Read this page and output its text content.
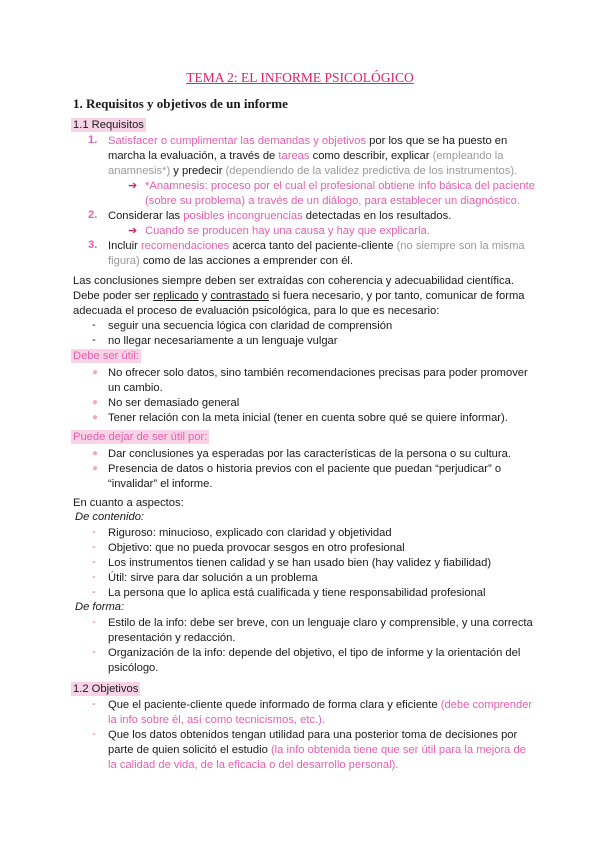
TEMA 2: EL INFORME PSICOLÓGICO
1. Requisitos y objetivos de un informe
1.1 Requisitos
1. Satisfacer o cumplimentar las demandas y objetivos por los que se ha puesto en
marcha la evaluación, a través de tareas como describir, explicar (empleando la
anamnesis*) y predecir (dependiendo de la validez predictiva de los instrumentos).
➔ *Anamnesis: proceso por el cual el profesional obtiene info básica del paciente
(sobre su problema) a través de un diálogo, para establecer un diagnóstico.
2. Considerar las posibles incongruencias detectadas en los resultados.
➔ Cuando se producen hay una causa y hay que explicarla.
3. Incluir recomendaciones acerca tanto del paciente-cliente (no siempre son la misma
figura) como de las acciones a emprender con él.
Las conclusiones siempre deben ser extraídas con coherencia y adecuabilidad científica.
Debe poder ser replicado y contrastado si fuera necesario, y por tanto, comunicar de forma
adecuada el proceso de evaluación psicológica, para lo que es necesario:
- seguir una secuencia lógica con claridad de comprensión
- no llegar necesariamente a un lenguaje vulgar
Debe ser útil:
● No ofrecer solo datos, sino también recomendaciones precisas para poder promover
un cambio.
● No ser demasiado general
● Tener relación con la meta inicial (tener en cuenta sobre qué se quiere informar).
Puede dejar de ser útil por:
● Dar conclusiones ya esperadas por las características de la persona o su cultura.
● Presencia de datos o historia previos con el paciente que puedan “perjudicar” o
“invalidar” el informe.
En cuanto a aspectos:
De contenido:
- Riguroso: minucioso, explicado con claridad y objetividad
- Objetivo: que no pueda provocar sesgos en otro profesional
- Los instrumentos tienen calidad y se han usado bien (hay validez y fiabilidad)
- Útil: sirve para dar solución a un problema
- La persona que lo aplica está cualificada y tiene responsabilidad profesional
De forma:
- Estilo de la info: debe ser breve, con un lenguaje claro y comprensible, y una correcta
presentación y redacción.
- Organización de la info: depende del objetivo, el tipo de informe y la orientación del
psicólogo.
1.2 Objetivos
- Que el paciente-cliente quede informado de forma clara y eficiente (debe comprender
la info sobre él, así como tecnicismos, etc.).
- Que los datos obtenidos tengan utilidad para una posterior toma de decisiones por
parte de quien solicitó el estudio (la info obtenida tiene que ser útil para la mejora de
la calidad de vida, de la eficacia o del desarrollo personal).
